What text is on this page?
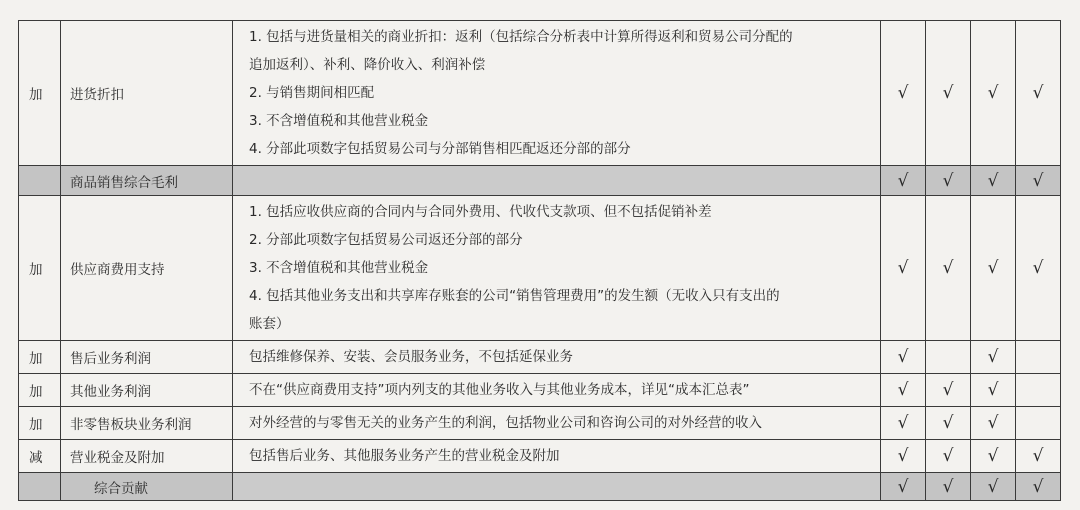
加	进货折扣	1. 包括与进货量相关的商业折扣：返利（包括综合分析表中计算所得返利和贸易公司分配的
追加返利）、补利、降价收入、利润补偿
2. 与销售期间相匹配
3. 不含增值税和其他营业税金
4. 分部此项数字包括贸易公司与分部销售相匹配返还分部的部分	√	√	√	√
	商品销售综合毛利		√	√	√	√
加	供应商费用支持	1. 包括应收供应商的合同内与合同外费用、代收代支款项、但不包括促销补差
2. 分部此项数字包括贸易公司返还分部的部分
3. 不含增值税和其他营业税金
4. 包括其他业务支出和共享库存账套的公司“销售管理费用”的发生额（无收入只有支出的
账套）	√	√	√	√
加	售后业务利润	包括维修保养、安装、会员服务业务，不包括延保业务	√		√	
加	其他业务利润	不在“供应商费用支持”项内列支的其他业务收入与其他业务成本，详见“成本汇总表”	√	√	√	
加	非零售板块业务利润	对外经营的与零售无关的业务产生的利润，包括物业公司和咨询公司的对外经营的收入	√	√	√	
减	营业税金及附加	包括售后业务、其他服务业务产生的营业税金及附加	√	√	√	√
	综合贡献		√	√	√	√
